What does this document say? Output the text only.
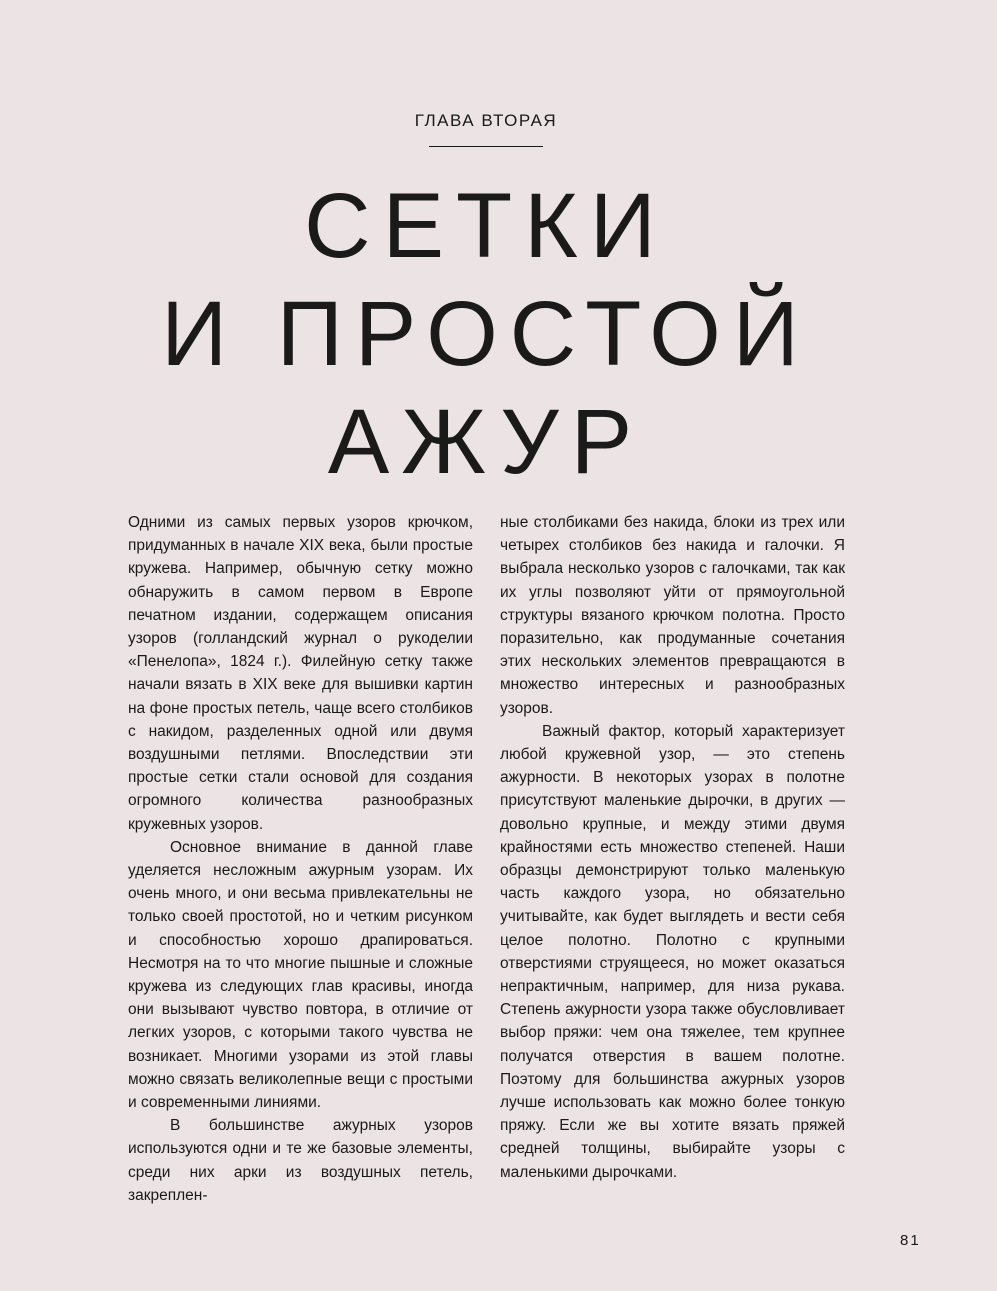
ГЛАВА ВТОРАЯ
СЕТКИ
И ПРОСТОЙ
АЖУР

Одними из самых первых узоров крючком, придуманных в начале XIX века, были простые кружева. Например, обычную сетку можно обнаружить в самом первом в Европе печатном издании, содержащем описания узоров (голландский журнал о рукоделии «Пенелопа», 1824 г.). Филейную сетку также начали вязать в XIX веке для вышивки картин на фоне простых петель, чаще всего столбиков с накидом, разделенных одной или двумя воздушными петлями. Впоследствии эти простые сетки стали основой для создания огромного количества разнообразных кружевных узоров.

Основное внимание в данной главе уделяется несложным ажурным узорам. Их очень много, и они весьма привлекательны не только своей простотой, но и четким рисунком и способностью хорошо драпироваться. Несмотря на то что многие пышные и сложные кружева из следующих глав красивы, иногда они вызывают чувство повтора, в отличие от легких узоров, с которыми такого чувства не возникает. Многими узорами из этой главы можно связать великолепные вещи с простыми и современными линиями.

В большинстве ажурных узоров используются одни и те же базовые элементы, среди них арки из воздушных петель, закреплен-

ные столбиками без накида, блоки из трех или четырех столбиков без накида и галочки. Я выбрала несколько узоров с галочками, так как их углы позволяют уйти от прямоугольной структуры вязаного крючком полотна. Просто поразительно, как продуманные сочетания этих нескольких элементов превращаются в множество интересных и разнообразных узоров.

Важный фактор, который характеризует любой кружевной узор, — это степень ажурности. В некоторых узорах в полотне присутствуют маленькие дырочки, в других — довольно крупные, и между этими двумя крайностями есть множество степеней. Наши образцы демонстрируют только маленькую часть каждого узора, но обязательно учитывайте, как будет выглядеть и вести себя целое полотно. Полотно с крупными отверстиями струящееся, но может оказаться непрактичным, например, для низа рукава. Степень ажурности узора также обусловливает выбор пряжи: чем она тяжелее, тем крупнее получатся отверстия в вашем полотне. Поэтому для большинства ажурных узоров лучше использовать как можно более тонкую пряжу. Если же вы хотите вязать пряжей средней толщины, выбирайте узоры с маленькими дырочками.

81
